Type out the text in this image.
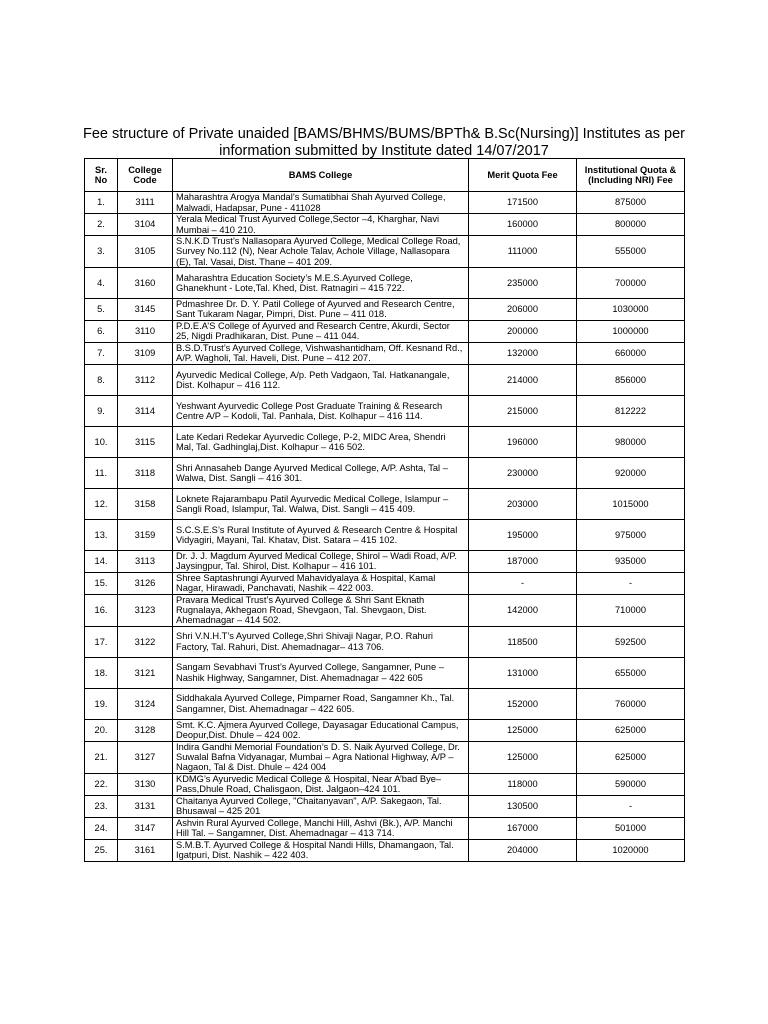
Fee structure of Private unaided [BAMS/BHMS/BUMS/BPTh& B.Sc(Nursing)] Institutes as per
information submitted by Institute dated 14/07/2017
Sr. No	College Code	BAMS College	Merit Quota Fee	Institutional Quota & (Including NRI) Fee

1.	3111	Maharashtra Arogya Mandal’s Sumatibhai Shah Ayurved College, Malwadi, Hadapsar, Pune - 411028	171500	875000

2.	3104	Yerala Medical Trust Ayurved College,Sector –4, Kharghar, Navi Mumbai – 410 210.	160000	800000

3.	3105	S.N.K.D Trust’s Nallasopara Ayurved College, Medical College Road, Survey No.112 (N), Near Achole Talav, Achole Village, Nallasopara (E), Tal. Vasai, Dist. Thane – 401 209.	111000	555000

4.	3160	Maharashtra Education Society’s M.E.S.Ayurved College, Ghanekhunt - Lote,Tal. Khed, Dist. Ratnagiri – 415 722.	235000	700000

5.	3145	Pdmashree Dr. D. Y. Patil College of Ayurved and Research Centre, Sant Tukaram Nagar, Pimpri, Dist. Pune – 411 018.	206000	1030000

6.	3110	P.D.E.A’S College of Ayurved and Research Centre, Akurdi, Sector 25, Nigdi Pradhikaran, Dist. Pune – 411 044.	200000	1000000

7.	3109	B.S.D.Trust’s Ayurved College, Vishwashantidham, Off. Kesnand Rd., A/P. Wagholi, Tal. Haveli, Dist. Pune – 412 207.	132000	660000

8.	3112	Ayurvedic Medical College, A/p. Peth Vadgaon, Tal. Hatkanangale, Dist. Kolhapur – 416 112.	214000	856000

9.	3114	Yeshwant Ayurvedic College Post Graduate Training & Research Centre A/P – Kodoli, Tal. Panhala, Dist. Kolhapur – 416 114.	215000	812222

10.	3115	Late Kedari Redekar Ayurvedic College, P-2, MIDC Area, Shendri Mal, Tal. Gadhinglaj,Dist. Kolhapur – 416 502.	196000	980000

11.	3118	Shri Annasaheb Dange Ayurved Medical College, A/P. Ashta, Tal – Walwa, Dist. Sangli – 416 301.	230000	920000

12.	3158	Loknete Rajarambapu Patil Ayurvedic Medical College, Islampur – Sangli Road, Islampur, Tal. Walwa, Dist. Sangli – 415 409.	203000	1015000

13.	3159	S.C.S.E.S’s Rural Institute of Ayurved & Research Centre & Hospital Vidyagiri, Mayani, Tal. Khatav, Dist. Satara – 415 102.	195000	975000

14.	3113	Dr. J. J. Magdum Ayurved Medical College, Shirol – Wadi Road, A/P. Jaysingpur, Tal. Shirol, Dist. Kolhapur – 416 101.	187000	935000

15.	3126	Shree Saptashrungi Ayurved Mahavidyalaya & Hospital, Kamal Nagar, Hirawadi, Panchavati, Nashik – 422 003.	-	-

16.	3123	Pravara Medical Trust’s Ayurved College & Shri Sant Eknath Rugnalaya, Akhegaon Road, Shevgaon, Tal. Shevgaon, Dist. Ahemadnagar – 414 502.	142000	710000

17.	3122	Shri V.N.H.T’s Ayurved College,Shri Shivaji Nagar, P.O. Rahuri Factory, Tal. Rahuri, Dist. Ahemadnagar– 413 706.	118500	592500

18.	3121	Sangam Sevabhavi Trust’s Ayurved College, Sangamner, Pune – Nashik Highway, Sangamner, Dist. Ahemadnagar – 422 605	131000	655000

19.	3124	Siddhakala Ayurved College, Pimparner Road, Sangamner Kh., Tal. Sangamner, Dist. Ahemadnagar – 422 605.	152000	760000

20.	3128	Smt. K.C. Ajmera Ayurved College, Dayasagar Educational Campus, Deopur,Dist. Dhule – 424 002.	125000	625000

21.	3127	Indira Gandhi Memorial Foundation’s D. S. Naik Ayurved College, Dr. Suwalal Bafna Vidyanagar, Mumbai – Agra National Highway, A/P – Nagaon, Tal & Dist. Dhule – 424 004	125000	625000

22.	3130	KDMG’s Ayurvedic Medical College & Hospital, Near A’bad Bye–Pass,Dhule Road, Chalisgaon, Dist. Jalgaon–424 101.	118000	590000

23.	3131	Chaitanya Ayurved College, "Chaitanyavan", A/P. Sakegaon, Tal. Bhusawal – 425 201	130500	-

24.	3147	Ashvin Rural Ayurved College, Manchi Hill, Ashvi (Bk.), A/P. Manchi Hill Tal. – Sangamner, Dist. Ahemadnagar – 413 714.	167000	501000

25.	3161	S.M.B.T. Ayurved College & Hospital Nandi Hills, Dhamangaon, Tal. Igatpuri, Dist. Nashik – 422 403.	204000	1020000
